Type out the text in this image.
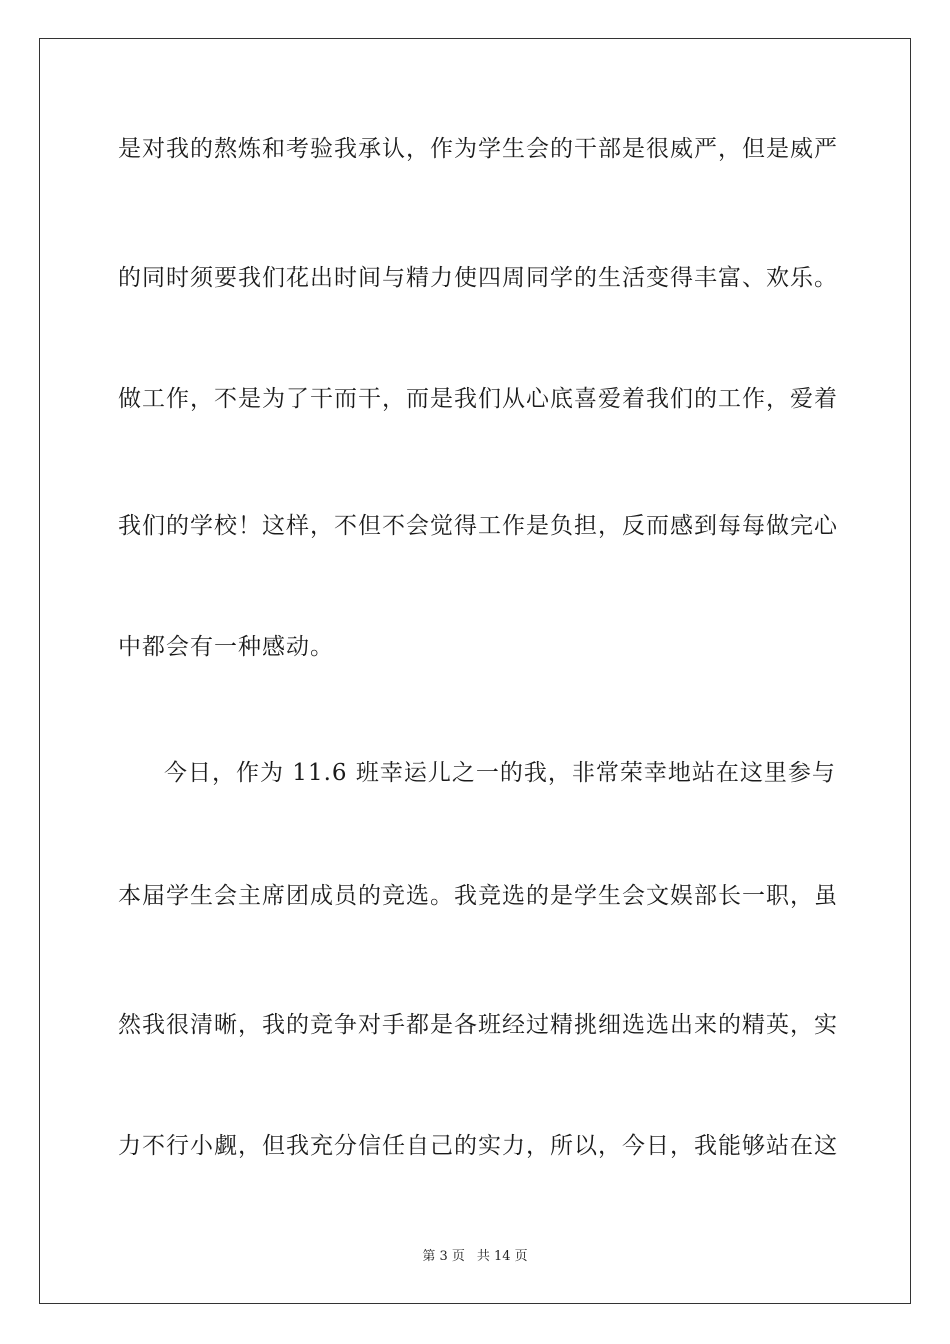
是对我的熬炼和考验我承认，作为学生会的干部是很威严，但是威严
的同时须要我们花出时间与精力使四周同学的生活变得丰富、欢乐。
做工作，不是为了干而干，而是我们从心底喜爱着我们的工作，爱着
我们的学校！这样，不但不会觉得工作是负担，反而感到每每做完心
中都会有一种感动。
今日，作为 11.6 班幸运儿之一的我，非常荣幸地站在这里参与
本届学生会主席团成员的竞选。我竞选的是学生会文娱部长一职，虽
然我很清晰，我的竞争对手都是各班经过精挑细选选出来的精英，实
力不行小觑，但我充分信任自己的实力，所以，今日，我能够站在这
第 3 页 共 14 页
